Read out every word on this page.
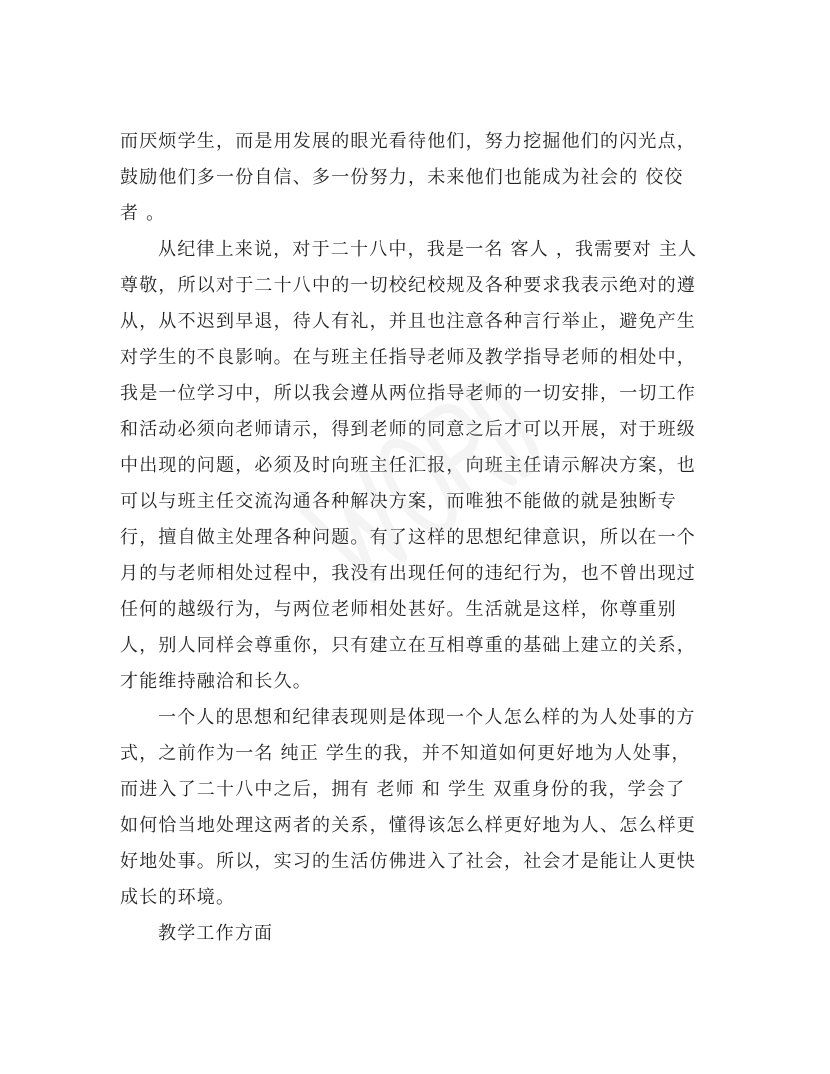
而厌烦学生，而是用发展的眼光看待他们，努力挖掘他们的闪光点，
鼓励他们多一份自信、多一份努力，未来他们也能成为社会的 佼佼
者 。
从纪律上来说，对于二十八中，我是一名 客人 ，我需要对 主人
尊敬，所以对于二十八中的一切校纪校规及各种要求我表示绝对的遵
从，从不迟到早退，待人有礼，并且也注意各种言行举止，避免产生
对学生的不良影响。在与班主任指导老师及教学指导老师的相处中，
我是一位学习中，所以我会遵从两位指导老师的一切安排，一切工作
和活动必须向老师请示，得到老师的同意之后才可以开展，对于班级
中出现的问题，必须及时向班主任汇报，向班主任请示解决方案，也
可以与班主任交流沟通各种解决方案，而唯独不能做的就是独断专
行，擅自做主处理各种问题。有了这样的思想纪律意识，所以在一个
月的与老师相处过程中，我没有出现任何的违纪行为，也不曾出现过
任何的越级行为，与两位老师相处甚好。生活就是这样，你尊重别
人，别人同样会尊重你，只有建立在互相尊重的基础上建立的关系，
才能维持融洽和长久。
一个人的思想和纪律表现则是体现一个人怎么样的为人处事的方
式，之前作为一名 纯正 学生的我，并不知道如何更好地为人处事，
而进入了二十八中之后，拥有 老师 和 学生 双重身份的我，学会了
如何恰当地处理这两者的关系，懂得该怎么样更好地为人、怎么样更
好地处事。所以，实习的生活仿佛进入了社会，社会才是能让人更快
成长的环境。
教学工作方面
